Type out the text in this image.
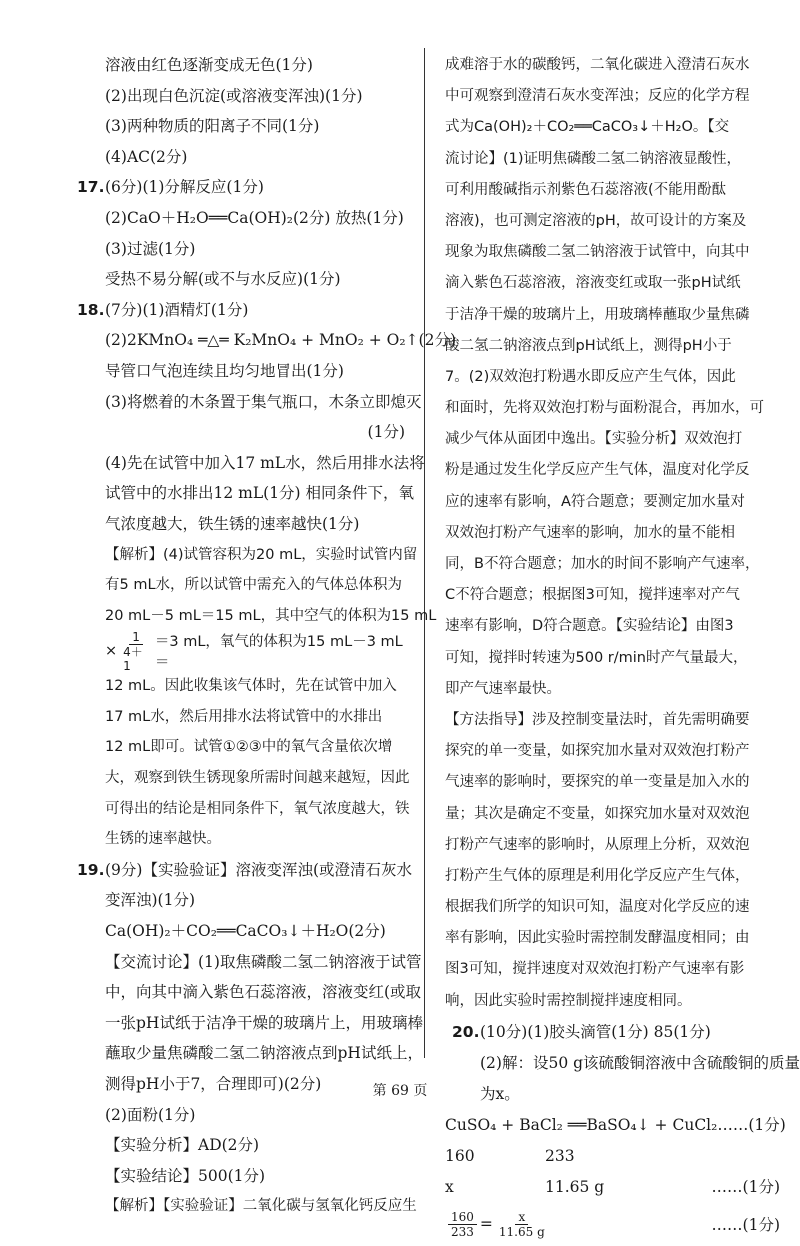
溶液由红色逐渐变成无色(1分)
(2)出现白色沉淀(或溶液变浑浊)(1分)
(3)两种物质的阳离子不同(1分)
(4)AC(2分)
17.(6分)(1)分解反应(1分)
(2)CaO＋H₂O══Ca(OH)₂(2分) 放热(1分)
(3)过滤(1分)
受热不易分解(或不与水反应)(1分)
18.(7分)(1)酒精灯(1分)
(2)2KMnO₄ ═△═ K₂MnO₄ + MnO₂ + O₂↑(2分)
导管口气泡连续且均匀地冒出(1分)
(3)将燃着的木条置于集气瓶口，木条立即熄灭
(1分)
(4)先在试管中加入17 mL水，然后用排水法将
试管中的水排出12 mL(1分) 相同条件下，氧
气浓度越大，铁生锈的速率越快(1分)
【解析】(4)试管容积为20 mL，实验时试管内留
有5 mL水，所以试管中需充入的气体总体积为
20 mL－5 mL＝15 mL，其中空气的体积为15 mL
× $\frac{1}{4+1} =3$ mL，氧气的体积为15 mL－3 mL＝
12 mL。因此收集该气体时，先在试管中加入
17 mL水，然后用排水法将试管中的水排出
12 mL即可。试管①②③中的氧气含量依次增
大，观察到铁生锈现象所需时间越来越短，因此
可得出的结论是相同条件下，氧气浓度越大，铁
生锈的速率越快。
19.(9分)【实验验证】溶液变浑浊(或澄清石灰水
变浑浊)(1分)
Ca(OH)₂＋CO₂══CaCO₃↓＋H₂O(2分)
【交流讨论】(1)取焦磷酸二氢二钠溶液于试管
中，向其中滴入紫色石蕊溶液，溶液变红(或取
一张pH试纸于洁净干燥的玻璃片上，用玻璃棒
蘸取少量焦磷酸二氢二钠溶液点到pH试纸上，
测得pH小于7，合理即可)(2分)
(2)面粉(1分)
【实验分析】AD(2分)
【实验结论】500(1分)
【解析】【实验验证】二氧化碳与氢氧化钙反应生
成难溶于水的碳酸钙，二氧化碳进入澄清石灰水
中可观察到澄清石灰水变浑浊；反应的化学方程
式为Ca(OH)₂＋CO₂══CaCO₃↓＋H₂O。【交
流讨论】(1)证明焦磷酸二氢二钠溶液显酸性，
可利用酸碱指示剂紫色石蕊溶液(不能用酚酞
溶液)，也可测定溶液的pH，故可设计的方案及
现象为取焦磷酸二氢二钠溶液于试管中，向其中
滴入紫色石蕊溶液，溶液变红或取一张pH试纸
于洁净干燥的玻璃片上，用玻璃棒蘸取少量焦磷
酸二氢二钠溶液点到pH试纸上，测得pH小于
7。(2)双效泡打粉遇水即反应产生气体，因此
和面时，先将双效泡打粉与面粉混合，再加水，可
减少气体从面团中逸出。【实验分析】双效泡打
粉是通过发生化学反应产生气体，温度对化学反
应的速率有影响，A符合题意；要测定加水量对
双效泡打粉产气速率的影响，加水的量不能相
同，B不符合题意；加水的时间不影响产气速率，
C不符合题意；根据图3可知，搅拌速率对产气
速率有影响，D符合题意。【实验结论】由图3
可知，搅拌时转速为500 r/min时产气量最大，
即产气速率最快。
【方法指导】涉及控制变量法时，首先需明确要
探究的单一变量，如探究加水量对双效泡打粉产
气速率的影响时，要探究的单一变量是加入水的
量；其次是确定不变量，如探究加水量对双效泡
打粉产气速率的影响时，从原理上分析，双效泡
打粉产生气体的原理是利用化学反应产生气体，
根据我们所学的知识可知，温度对化学反应的速
率有影响，因此实验时需控制发酵温度相同；由
图3可知，搅拌速度对双效泡打粉产气速率有影
响，因此实验时需控制搅拌速度相同。
20.(10分)(1)胶头滴管(1分) 85(1分)
(2)解：设50 g该硫酸铜溶液中含硫酸铜的质量
为x。
CuSO₄ + BaCl₂ ══BaSO₄↓ + CuCl₂ ……(1分)
160	233
x	11.65 g	……(1分)
$\frac{160}{233} = \frac{x}{11.65 g}$	……(1分)
第 69 页
